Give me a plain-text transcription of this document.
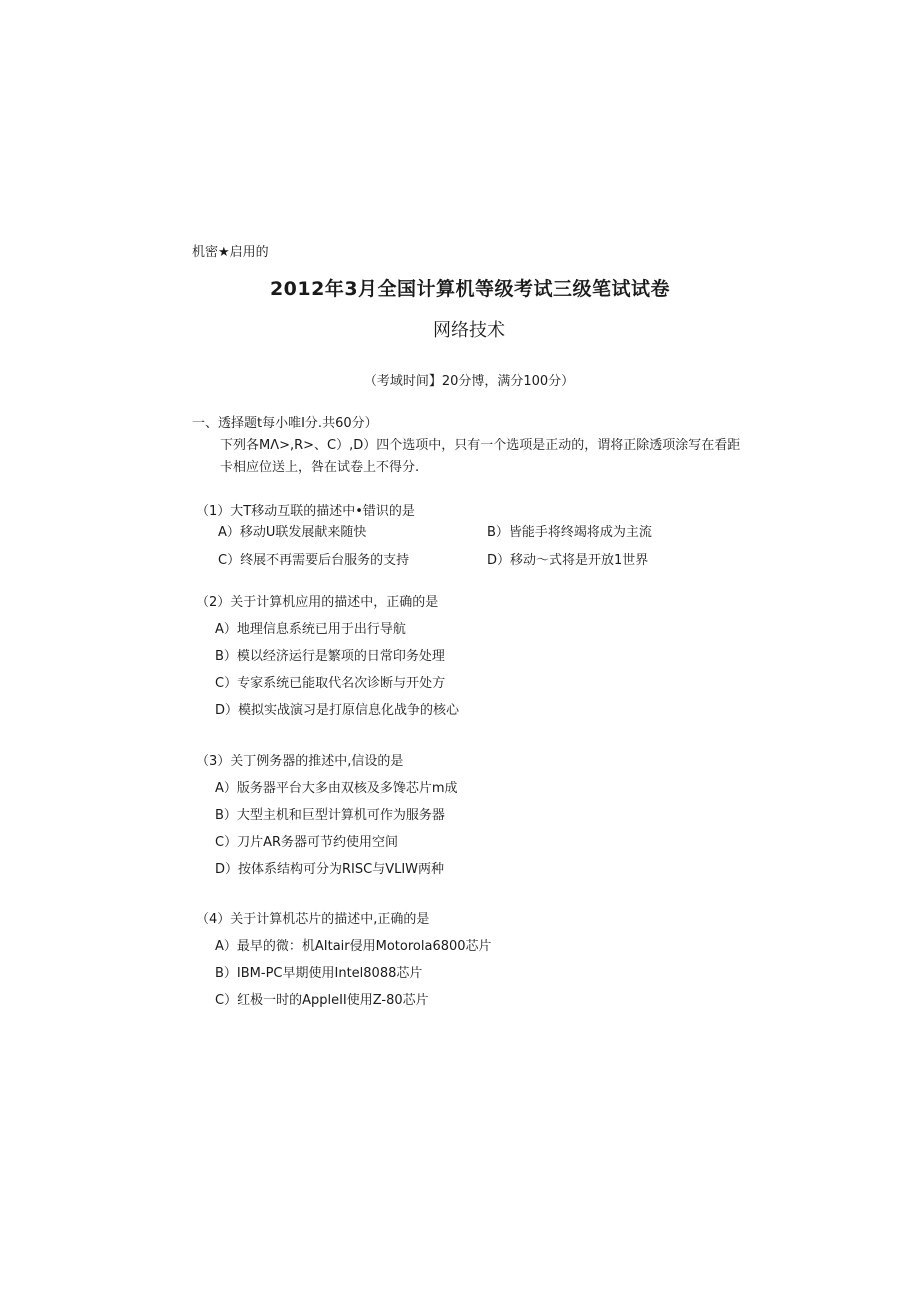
机密★启用的
2012年3月全国计算机等级考试三级笔试试卷
网络技术
（考域时间】20分博，满分100分）
一、透择题t每小唯I分.共60分）
下列各MΛ>,R>、C）,D）四个选项中，只有一个选项是正动的，谓将正除透项涂写在看距
卡相应位送上，咎在试卷上不得分.
（1）大T移动互联的描述中•错识的是
A）移动U联发展献来随快	B）皆能手将终竭将成为主流
C）终展不再需要后台服务的支持	D）移动〜式将是开放1世界
（2）关于计算机应用的描述中，正确的是
A）地理信息系统已用于出行导航
B）模以经济运行是繁项的日常印务处理
C）专家系统已能取代名次诊断与开处方
D）模拟实战演习是打原信息化战争的核心
（3）关丁例务器的推述中,信设的是
A）版务器平台大多由双核及多馋芯片m成
B）大型主机和巨型计算机可作为服务器
C）刀片AR务器可节约使用空间
D）按体系结构可分为RISC与VLIW两种
（4）关于计算机芯片的描述中,正确的是
A）最早的微：机AItair侵用Motorola6800芯片
B）IBM-PC早期使用Intel8088芯片
C）红极一时的AppleII使用Z-80芯片
